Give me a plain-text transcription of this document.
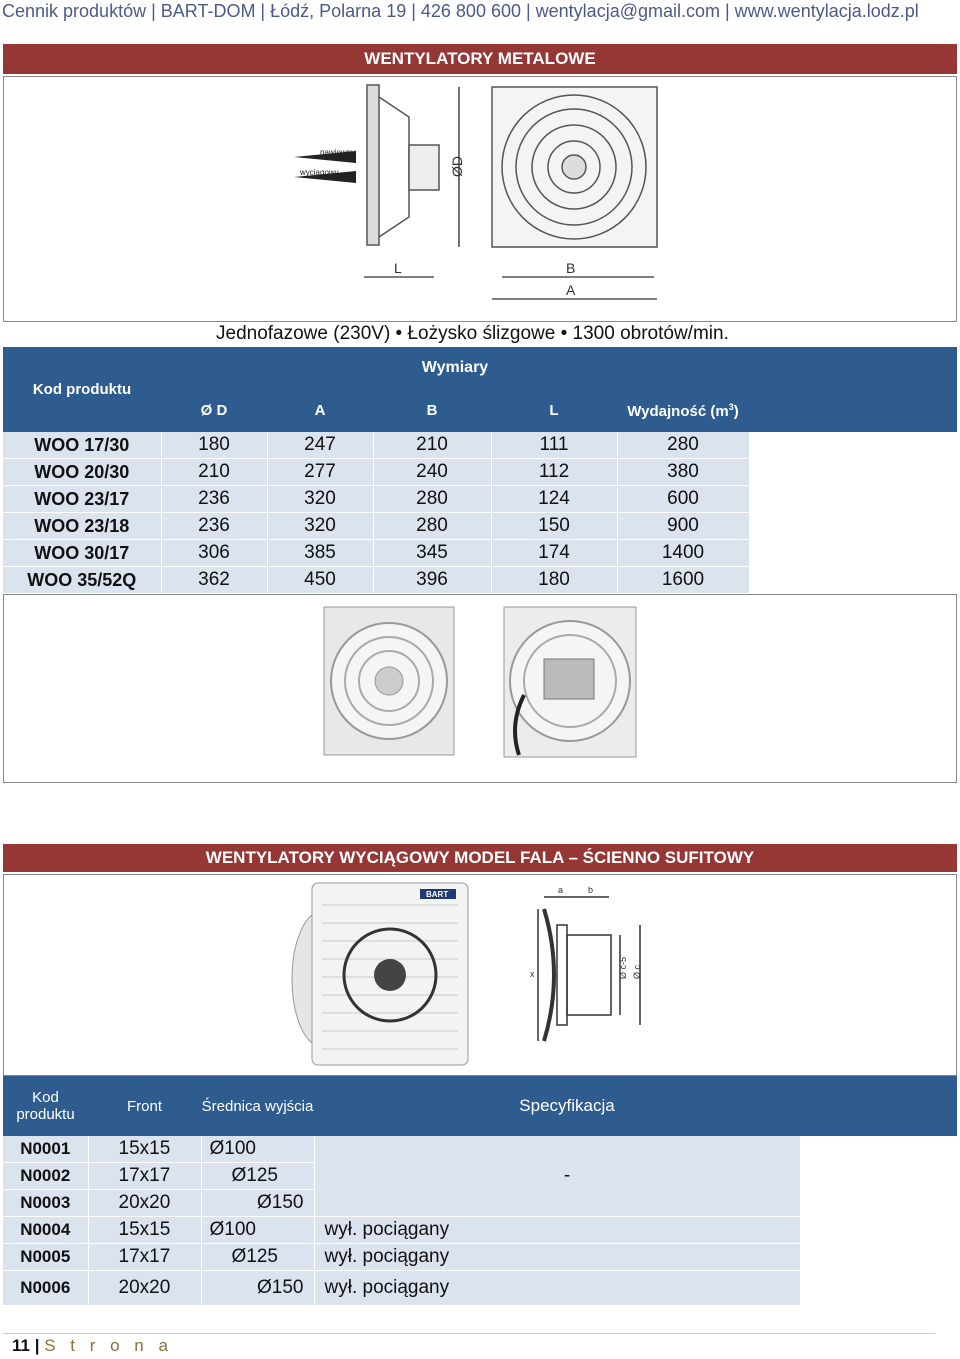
Cennik produktów | BART-DOM | Łódź, Polarna 19 | 426 800 600 | wentylacja@gmail.com | www.wentylacja.lodz.pl
WENTYLATORY METALOWE
nawiewny
wyciągowy	ØD
L	B
A
Jednofazowe (230V) • Łożysko ślizgowe • 1300 obrotów/min.
Kod produktu	Wymiary					
	Ø D	A	B	L	Wydajność $(m^3)$	
WOO 17/30	180	247	210	111	280	
WOO 20/30	210	277	240	112	380	
WOO 23/17	236	320	280	124	600	
WOO 23/18	236	320	280	150	900	
WOO 30/17	306	385	345	174	1400	
WOO 35/52Q	362	450	396	180	1600	
WENTYLATORY WYCIĄGOWY MODEL FALA – ŚCIENNO SUFITOWY
BART	a	b
x	Ø c-5 Ø c
Kod produktu	Front	Średnica wyjścia	Specyfikacja	
N0001	15x15	Ø100	-	
N0002	17x17	Ø125		
N0003	20x20	Ø150		
N0004	15x15	Ø100	wył. pociągany	
N0005	17x17	Ø125	wył. pociągany	
N0006	20x20	Ø150	wył. pociągany	
11 | S t r o n a
